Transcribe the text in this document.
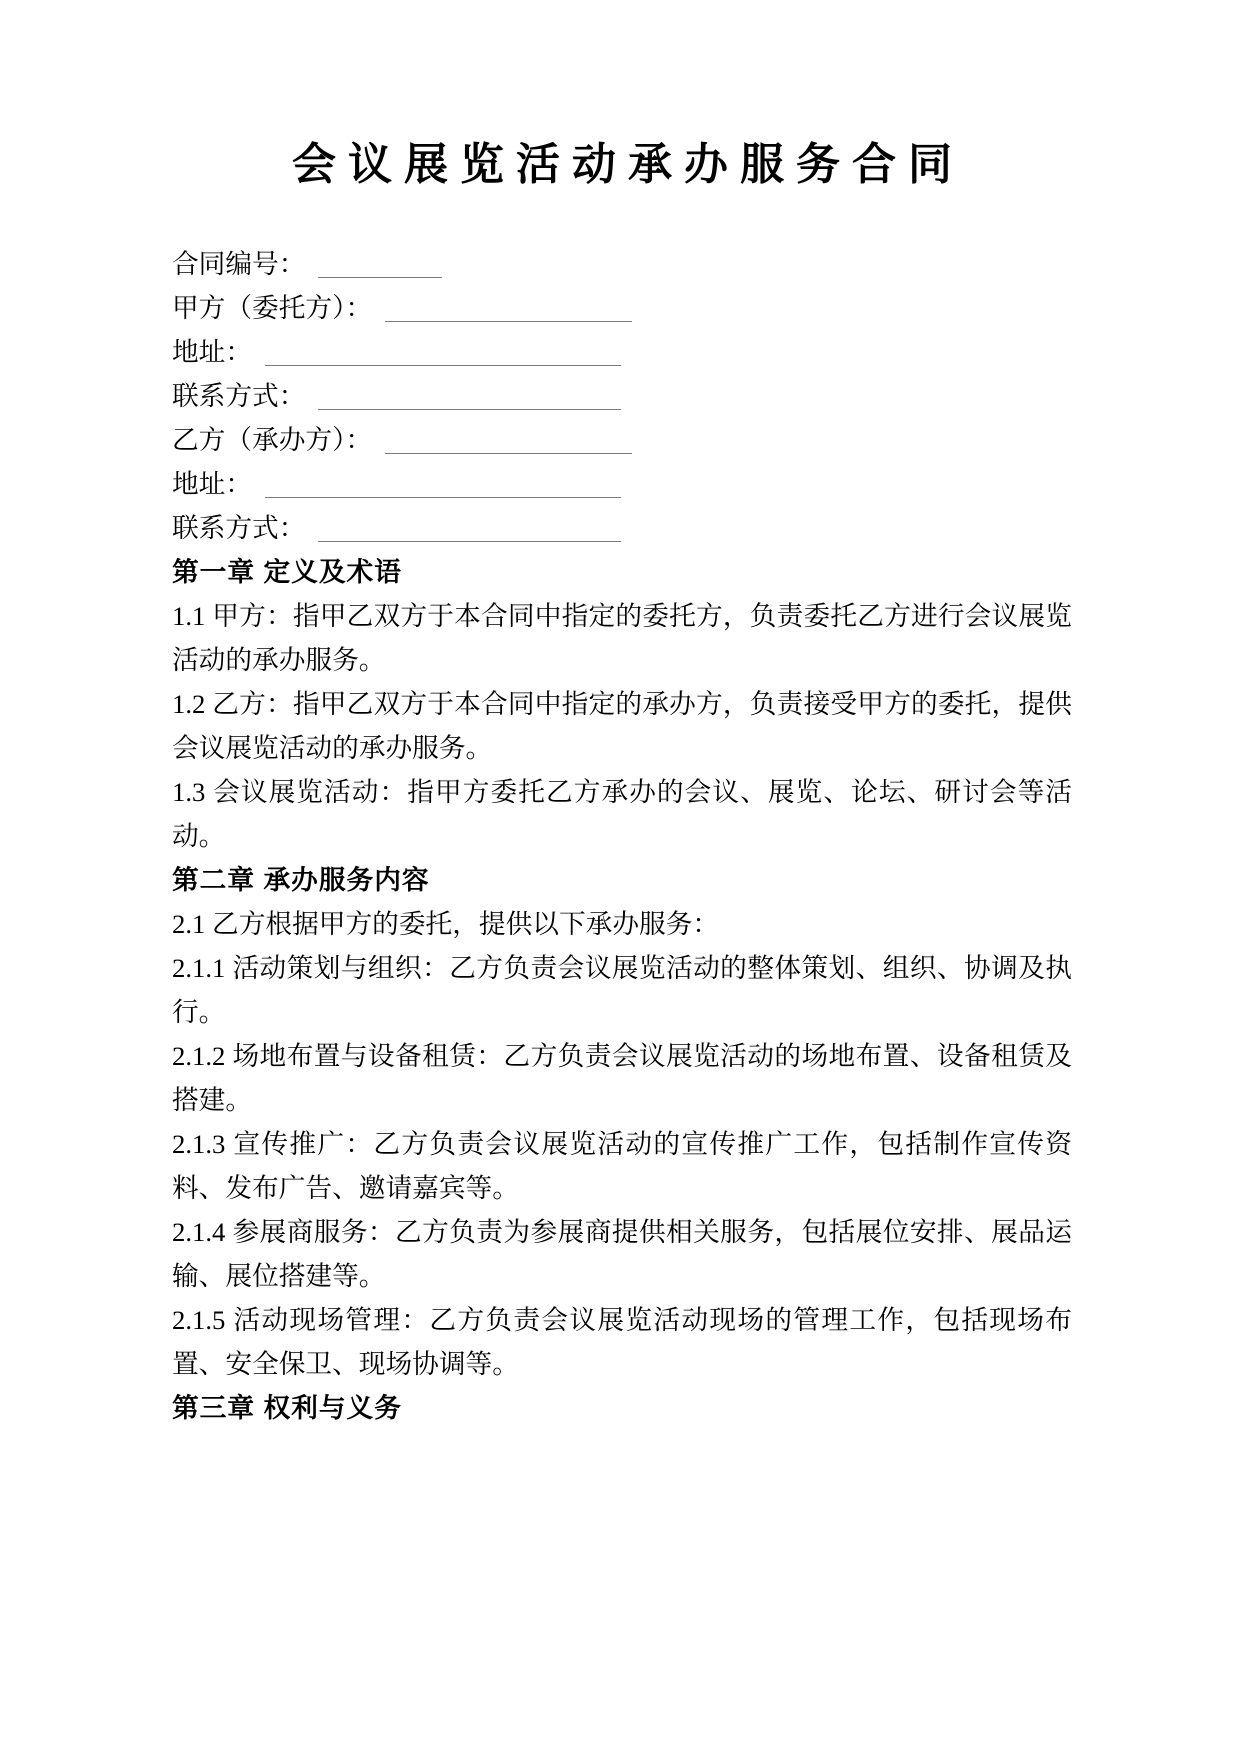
会议展览活动承办服务合同

合同编号：

甲方（委托方）：

地址：

联系方式：

乙方（承办方）：

地址：

联系方式：

第一章 定义及术语

1.1 甲方：指甲乙双方于本合同中指定的委托方，负责委托乙方进行会议展览活动的承办服务。

1.2 乙方：指甲乙双方于本合同中指定的承办方，负责接受甲方的委托，提供会议展览活动的承办服务。

1.3 会议展览活动：指甲方委托乙方承办的会议、展览、论坛、研讨会等活动。

第二章 承办服务内容

2.1 乙方根据甲方的委托，提供以下承办服务：

2.1.1 活动策划与组织：乙方负责会议展览活动的整体策划、组织、协调及执行。

2.1.2 场地布置与设备租赁：乙方负责会议展览活动的场地布置、设备租赁及搭建。

2.1.3 宣传推广：乙方负责会议展览活动的宣传推广工作，包括制作宣传资料、发布广告、邀请嘉宾等。

2.1.4 参展商服务：乙方负责为参展商提供相关服务，包括展位安排、展品运输、展位搭建等。

2.1.5 活动现场管理：乙方负责会议展览活动现场的管理工作，包括现场布置、安全保卫、现场协调等。

第三章 权利与义务
